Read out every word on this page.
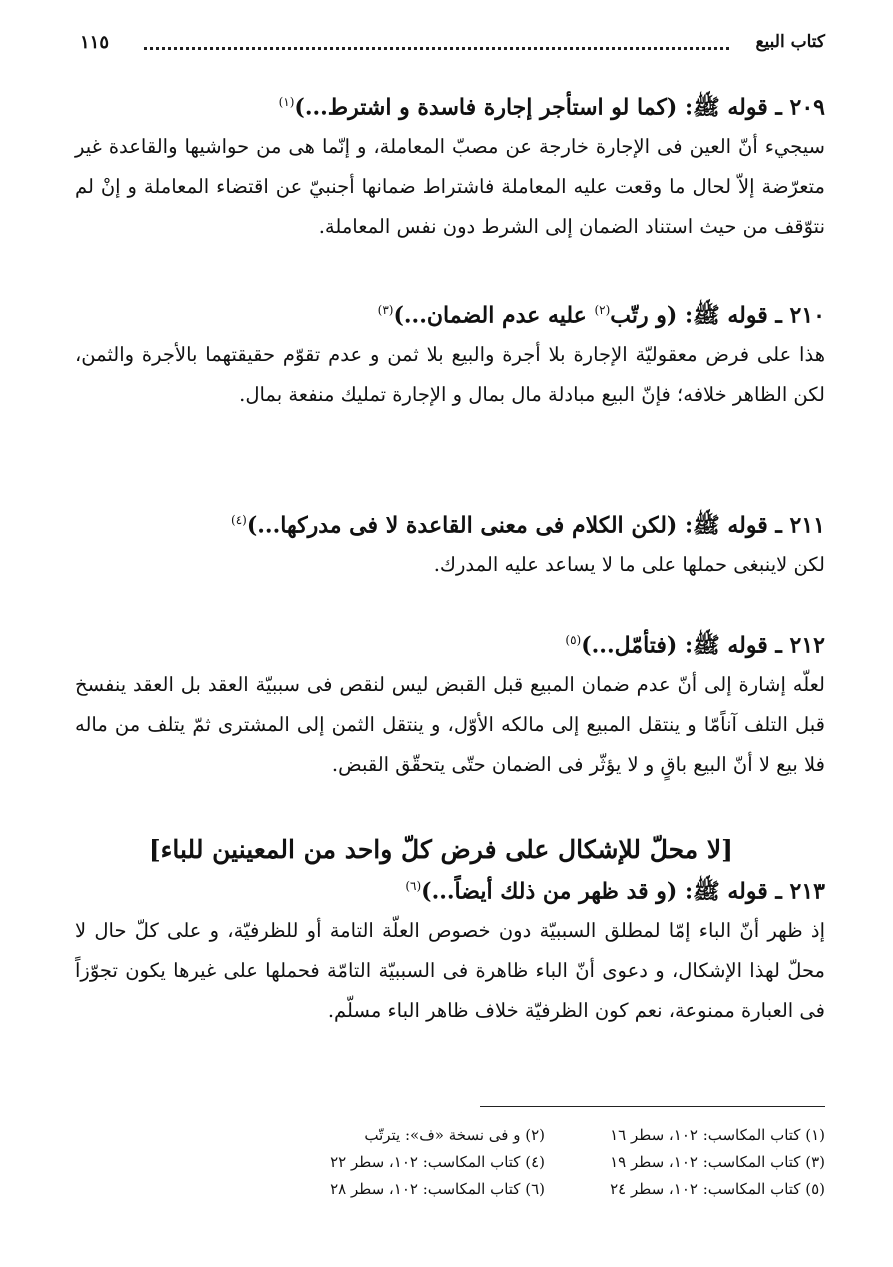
كتاب البيع
١١٥
٢٠٩ ـ قوله ﷺ: (كما لو استأجر إجارة فاسدة و اشترط...)$^{(١)}$
سيجيء أنّ العين فى الإجارة خارجة عن مصبّ المعاملة، و إنّما هى من حواشيها والقاعدة غير متعرّضة إلاّ لحال ما وقعت عليه المعاملة فاشتراط ضمانها أجنبيّ عن اقتضاء المعاملة و إنْ لم نتوّقف من حيث استناد الضمان إلى الشرط دون نفس المعاملة.
٢١٠ ـ قوله ﷺ: (و رتّب$^{(٢)}$ عليه عدم الضمان...)$^{(٣)}$
هذا على فرض معقوليّة الإجارة بلا أجرة والبيع بلا ثمن و عدم تقوّم حقيقتهما بالأجرة والثمن، لكن الظاهر خلافه؛ فإنّ البيع مبادلة مال بمال و الإجارة تمليك منفعة بمال.
٢١١ ـ قوله ﷺ: (لكن الكلام فى معنى القاعدة لا فى مدركها...)$^{(٤)}$
لكن لاينبغى حملها على ما لا يساعد عليه المدرك.
٢١٢ ـ قوله ﷺ: (فتأمّل...)$^{(٥)}$
لعلّه إشارة إلى أنّ عدم ضمان المبيع قبل القبض ليس لنقص فى سببيّة العقد بل العقد ينفسخ قبل التلف آناًمّا و ينتقل المبيع إلى مالكه الأوّل، و ينتقل الثمن إلى المشترى ثمّ يتلف من ماله فلا بيع لا أنّ البيع باقٍ و لا يؤثّر فى الضمان حتّى يتحقّق القبض.
[لا محلّ للإشكال على فرض كلّ واحد من المعينين للباء]
٢١٣ ـ قوله ﷺ: (و قد ظهر من ذلك أيضاً...)$^{(٦)}$
إذ ظهر أنّ الباء إمّا لمطلق السببيّة دون خصوص العلّة التامة أو للظرفيّة، و على كلّ حال لا محلّ لهذا الإشكال، و دعوى أنّ الباء ظاهرة فى السببيّة التامّة فحملها على غيرها يكون تجوّزاً فى العبارة ممنوعة، نعم كون الظرفيّة خلاف ظاهر الباء مسلّم.
(١) كتاب المكاسب: ١٠٢، سطر ١٦
(٢) و فى نسخة «ف»: يترتّب
(٣) كتاب المكاسب: ١٠٢، سطر ١٩
(٤) كتاب المكاسب: ١٠٢، سطر ٢٢
(٥) كتاب المكاسب: ١٠٢، سطر ٢٤
(٦) كتاب المكاسب: ١٠٢، سطر ٢٨
